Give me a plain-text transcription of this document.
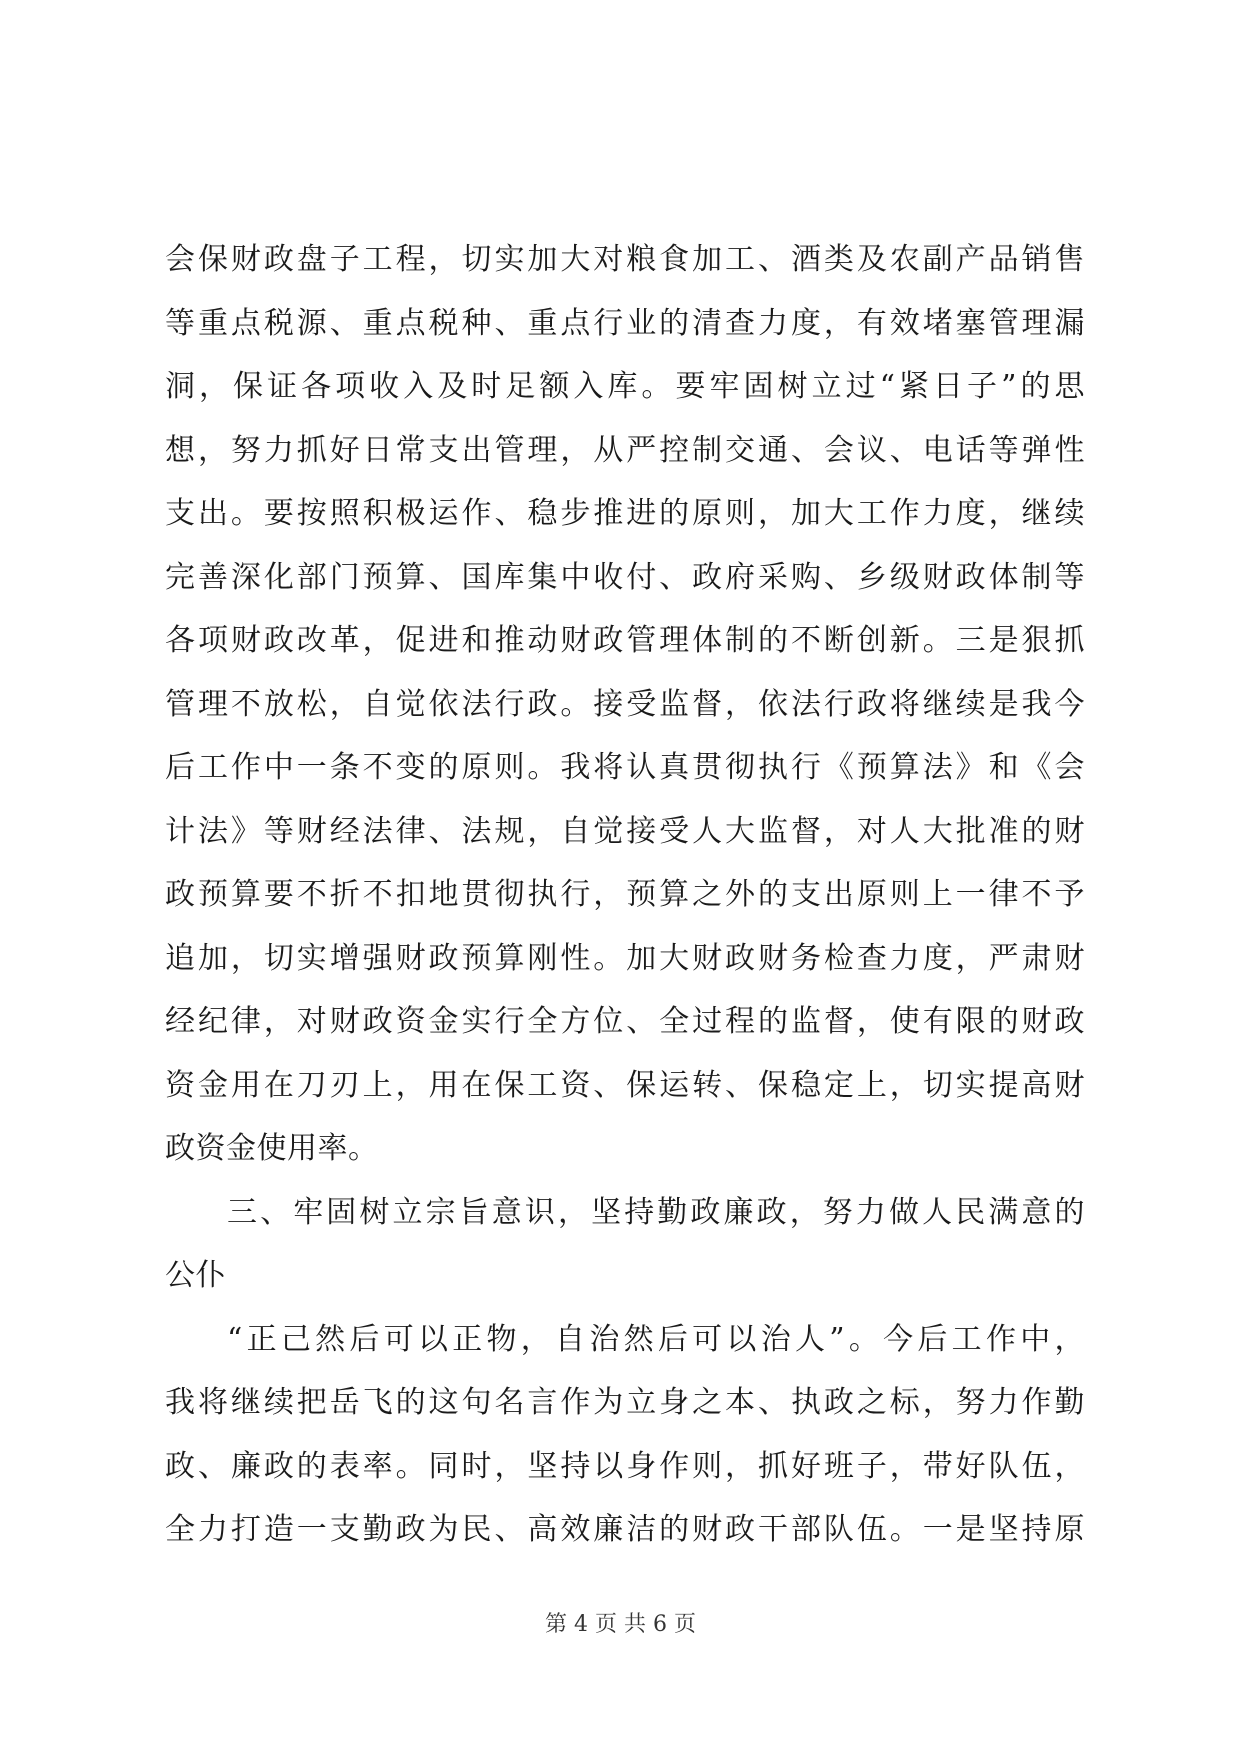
会保财政盘子工程，切实加大对粮食加工、酒类及农副产品销售
等重点税源、重点税种、重点行业的清查力度，有效堵塞管理漏
洞，保证各项收入及时足额入库。要牢固树立过“紧日子”的思
想，努力抓好日常支出管理，从严控制交通、会议、电话等弹性
支出。要按照积极运作、稳步推进的原则，加大工作力度，继续
完善深化部门预算、国库集中收付、政府采购、乡级财政体制等
各项财政改革，促进和推动财政管理体制的不断创新。三是狠抓
管理不放松，自觉依法行政。接受监督，依法行政将继续是我今
后工作中一条不变的原则。我将认真贯彻执行《预算法》和《会
计法》等财经法律、法规，自觉接受人大监督，对人大批准的财
政预算要不折不扣地贯彻执行，预算之外的支出原则上一律不予
追加，切实增强财政预算刚性。加大财政财务检查力度，严肃财
经纪律，对财政资金实行全方位、全过程的监督，使有限的财政
资金用在刀刃上，用在保工资、保运转、保稳定上，切实提高财
政资金使用率。
三、牢固树立宗旨意识，坚持勤政廉政，努力做人民满意的
公仆
“正己然后可以正物，自治然后可以治人”。今后工作中，
我将继续把岳飞的这句名言作为立身之本、执政之标，努力作勤
政、廉政的表率。同时，坚持以身作则，抓好班子，带好队伍，
全力打造一支勤政为民、高效廉洁的财政干部队伍。一是坚持原
第 4 页 共 6 页
